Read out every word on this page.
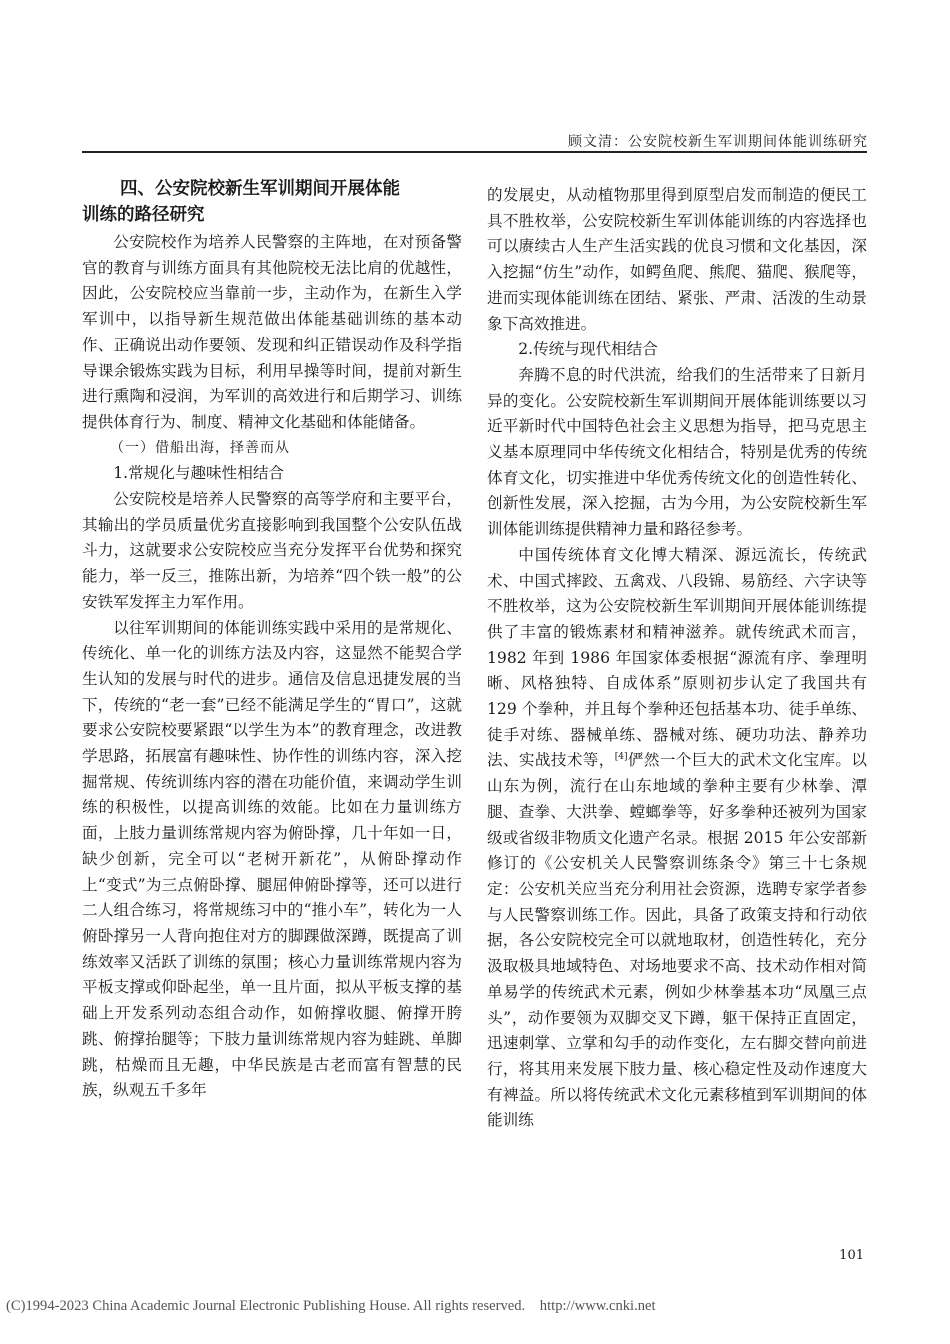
顾文清：公安院校新生军训期间体能训练研究
四、公安院校新生军训期间开展体能
训练的路径研究

公安院校作为培养人民警察的主阵地，在对预备警官的教育与训练方面具有其他院校无法比肩的优越性，因此，公安院校应当靠前一步，主动作为，在新生入学军训中，以指导新生规范做出体能基础训练的基本动作、正确说出动作要领、发现和纠正错误动作及科学指导课余锻炼实践为目标，利用早操等时间，提前对新生进行熏陶和浸润，为军训的高效进行和后期学习、训练提供体育行为、制度、精神文化基础和体能储备。

（一）借船出海，择善而从

1.常规化与趣味性相结合

公安院校是培养人民警察的高等学府和主要平台，其输出的学员质量优劣直接影响到我国整个公安队伍战斗力，这就要求公安院校应当充分发挥平台优势和探究能力，举一反三，推陈出新，为培养“四个铁一般”的公安铁军发挥主力军作用。

以往军训期间的体能训练实践中采用的是常规化、传统化、单一化的训练方法及内容，这显然不能契合学生认知的发展与时代的进步。通信及信息迅捷发展的当下，传统的“老一套”已经不能满足学生的“胃口”，这就要求公安院校要紧跟“以学生为本”的教育理念，改进教学思路，拓展富有趣味性、协作性的训练内容，深入挖掘常规、传统训练内容的潜在功能价值，来调动学生训练的积极性，以提高训练的效能。比如在力量训练方面，上肢力量训练常规内容为俯卧撑，几十年如一日，缺少创新，完全可以“老树开新花”，从俯卧撑动作上“变式”为三点俯卧撑、腿屈伸俯卧撑等，还可以进行二人组合练习，将常规练习中的“推小车”，转化为一人俯卧撑另一人背向抱住对方的脚踝做深蹲，既提高了训练效率又活跃了训练的氛围；核心力量训练常规内容为平板支撑或仰卧起坐，单一且片面，拟从平板支撑的基础上开发系列动态组合动作，如俯撑收腿、俯撑开胯跳、俯撑抬腿等；下肢力量训练常规内容为蛙跳、单脚跳，枯燥而且无趣，中华民族是古老而富有智慧的民族，纵观五千多年

的发展史，从动植物那里得到原型启发而制造的便民工具不胜枚举，公安院校新生军训体能训练的内容选择也可以赓续古人生产生活实践的优良习惯和文化基因，深入挖掘“仿生”动作，如鳄鱼爬、熊爬、猫爬、猴爬等，进而实现体能训练在团结、紧张、严肃、活泼的生动景象下高效推进。

2.传统与现代相结合

奔腾不息的时代洪流，给我们的生活带来了日新月异的变化。公安院校新生军训期间开展体能训练要以习近平新时代中国特色社会主义思想为指导，把马克思主义基本原理同中华传统文化相结合，特别是优秀的传统体育文化，切实推进中华优秀传统文化的创造性转化、创新性发展，深入挖掘，古为今用，为公安院校新生军训体能训练提供精神力量和路径参考。

中国传统体育文化博大精深、源远流长，传统武术、中国式摔跤、五禽戏、八段锦、易筋经、六字诀等不胜枚举，这为公安院校新生军训期间开展体能训练提供了丰富的锻炼素材和精神滋养。就传统武术而言，1982 年到 1986 年国家体委根据“源流有序、拳理明晰、风格独特、自成体系”原则初步认定了我国共有 129 个拳种，并且每个拳种还包括基本功、徒手单练、徒手对练、器械单练、器械对练、硬功功法、静养功法、实战技术等，[4]俨然一个巨大的武术文化宝库。以山东为例，流行在山东地域的拳种主要有少林拳、潭腿、查拳、大洪拳、螳螂拳等，好多拳种还被列为国家级或省级非物质文化遗产名录。根据 2015 年公安部新修订的《公安机关人民警察训练条令》第三十七条规定：公安机关应当充分利用社会资源，选聘专家学者参与人民警察训练工作。因此，具备了政策支持和行动依据，各公安院校完全可以就地取材，创造性转化，充分汲取极具地域特色、对场地要求不高、技术动作相对简单易学的传统武术元素，例如少林拳基本功“凤凰三点头”，动作要领为双脚交叉下蹲，躯干保持正直固定，迅速刺掌、立掌和勾手的动作变化，左右脚交替向前进行，将其用来发展下肢力量、核心稳定性及动作速度大有裨益。所以将传统武术文化元素移植到军训期间的体能训练

101
(C)1994-2023 China Academic Journal Electronic Publishing House. All rights reserved. http://www.cnki.net
